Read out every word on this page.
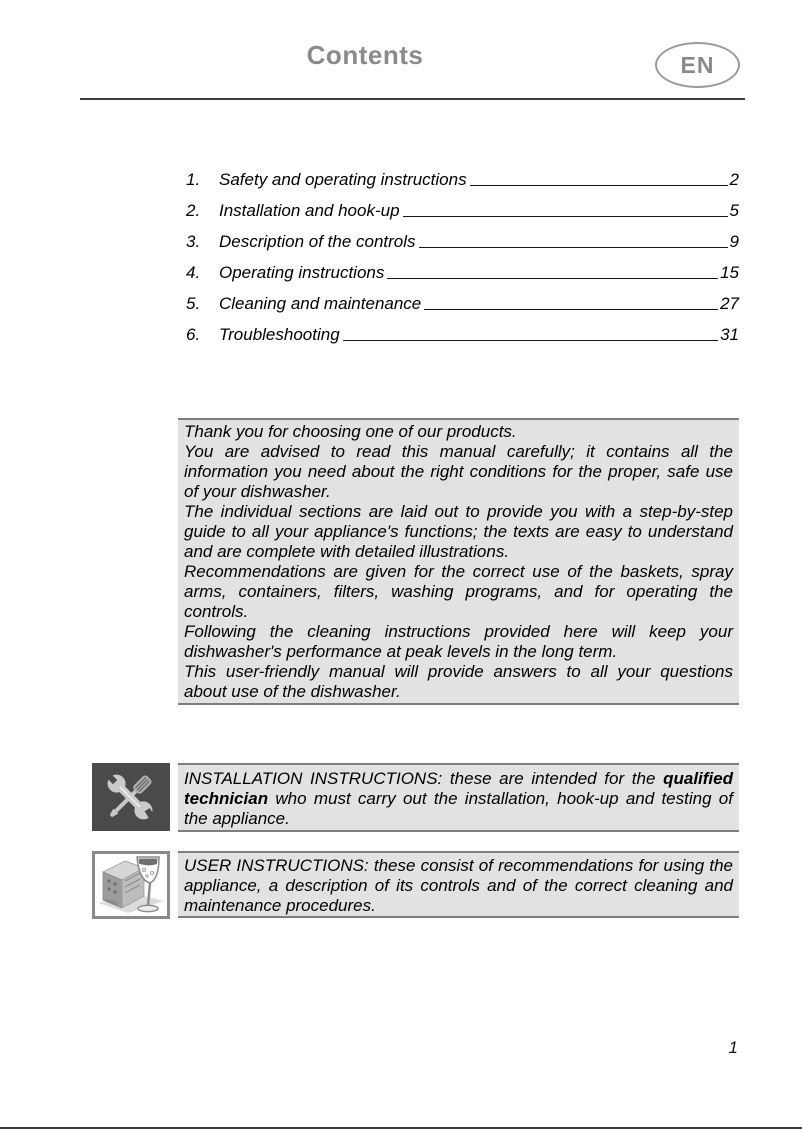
Contents	EN
1.	Safety and operating instructions	2
2.	Installation and hook-up	5
3.	Description of the controls	9
4.	Operating instructions	15
5.	Cleaning and maintenance	27
6.	Troubleshooting	31

Thank you for choosing one of our products.

You are advised to read this manual carefully; it contains all the information you need about the right conditions for the proper, safe use of your dishwasher.

The individual sections are laid out to provide you with a step-by-step guide to all your appliance's functions; the texts are easy to understand and are complete with detailed illustrations.

Recommendations are given for the correct use of the baskets, spray arms, containers, filters, washing programs, and for operating the controls.

Following the cleaning instructions provided here will keep your dishwasher's performance at peak levels in the long term.

This user-friendly manual will provide answers to all your questions about use of the dishwasher.

INSTALLATION INSTRUCTIONS: these are intended for the qualified technician who must carry out the installation, hook-up and testing of the appliance.

USER INSTRUCTIONS: these consist of recommendations for using the appliance, a description of its controls and of the correct cleaning and maintenance procedures.

1
